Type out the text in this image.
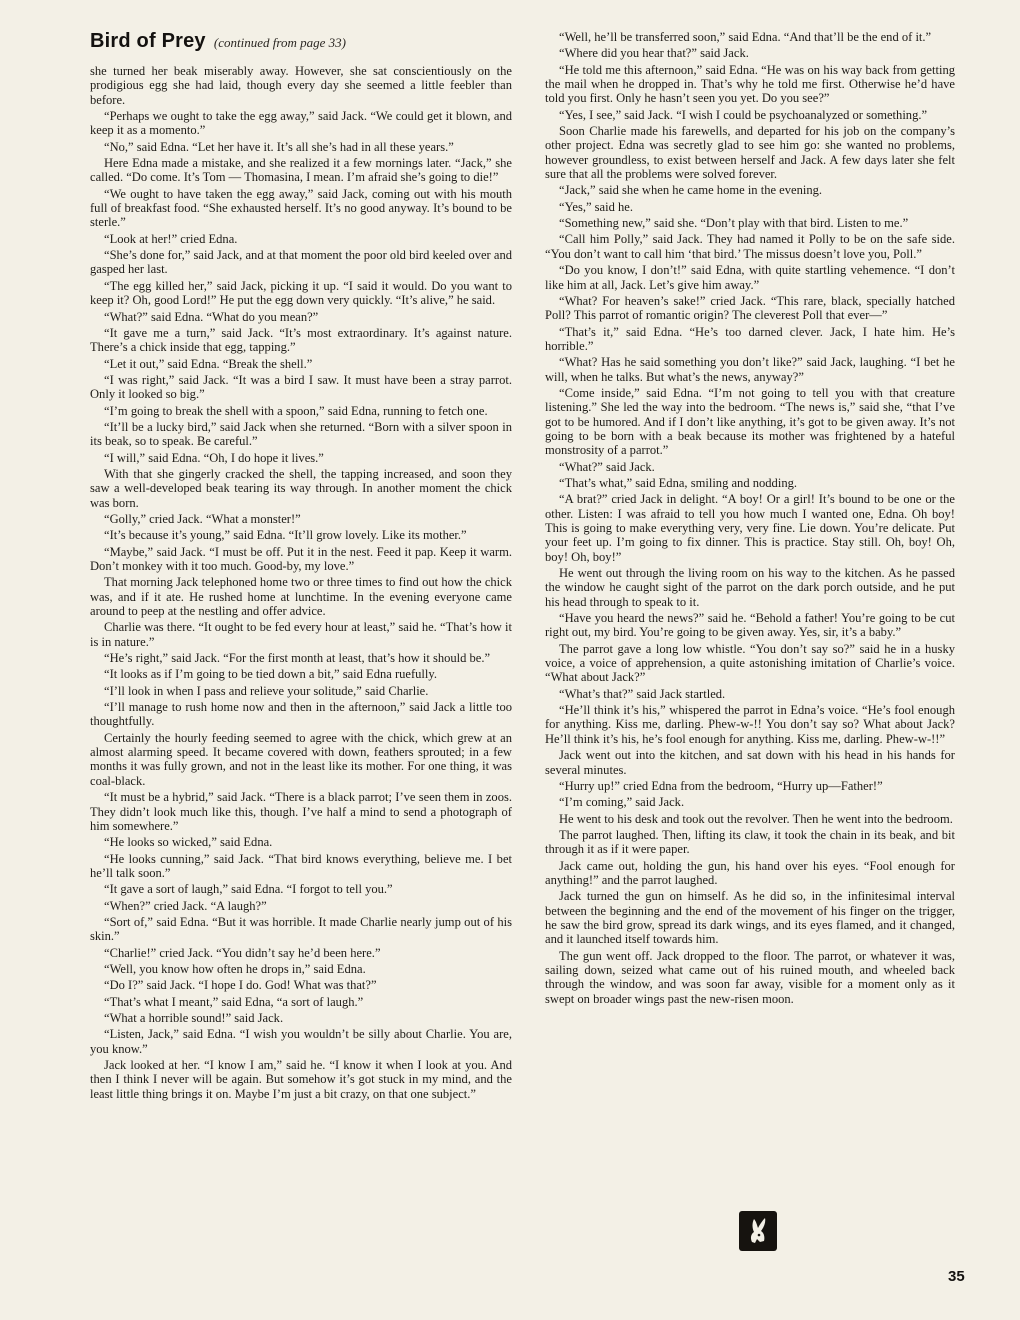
Bird of Prey (continued from page 33)

she turned her beak miserably away. However, she sat conscientiously on the prodigious egg she had laid, though every day she seemed a little feebler than before.

“Perhaps we ought to take the egg away,” said Jack. “We could get it blown, and keep it as a momento.”

“No,” said Edna. “Let her have it. It’s all she’s had in all these years.”

Here Edna made a mistake, and she realized it a few mornings later. “Jack,” she called. “Do come. It’s Tom — Thomasina, I mean. I’m afraid she’s going to die!”

“We ought to have taken the egg away,” said Jack, coming out with his mouth full of breakfast food. “She exhausted herself. It’s no good anyway. It’s bound to be sterle.”

“Look at her!” cried Edna.

“She’s done for,” said Jack, and at that moment the poor old bird keeled over and gasped her last.

“The egg killed her,” said Jack, picking it up. “I said it would. Do you want to keep it? Oh, good Lord!” He put the egg down very quickly. “It’s alive,” he said.

“What?” said Edna. “What do you mean?”

“It gave me a turn,” said Jack. “It’s most extraordinary. It’s against nature. There’s a chick inside that egg, tapping.”

“Let it out,” said Edna. “Break the shell.”

“I was right,” said Jack. “It was a bird I saw. It must have been a stray parrot. Only it looked so big.”

“I’m going to break the shell with a spoon,” said Edna, running to fetch one.

“It’ll be a lucky bird,” said Jack when she returned. “Born with a silver spoon in its beak, so to speak. Be careful.”

“I will,” said Edna. “Oh, I do hope it lives.”

With that she gingerly cracked the shell, the tapping increased, and soon they saw a well-developed beak tearing its way through. In another moment the chick was born.

“Golly,” cried Jack. “What a monster!”

“It’s because it’s young,” said Edna. “It’ll grow lovely. Like its mother.”

“Maybe,” said Jack. “I must be off. Put it in the nest. Feed it pap. Keep it warm. Don’t monkey with it too much. Good-by, my love.”

That morning Jack telephoned home two or three times to find out how the chick was, and if it ate. He rushed home at lunchtime. In the evening everyone came around to peep at the nestling and offer advice.

Charlie was there. “It ought to be fed every hour at least,” said he. “That’s how it is in nature.”

“He’s right,” said Jack. “For the first month at least, that’s how it should be.”

“It looks as if I’m going to be tied down a bit,” said Edna ruefully.

“I’ll look in when I pass and relieve your solitude,” said Charlie.

“I’ll manage to rush home now and then in the afternoon,” said Jack a little too thoughtfully.

Certainly the hourly feeding seemed to agree with the chick, which grew at an almost alarming speed. It became covered with down, feathers sprouted; in a few months it was fully grown, and not in the least like its mother. For one thing, it was coal-black.

“It must be a hybrid,” said Jack. “There is a black parrot; I’ve seen them in zoos. They didn’t look much like this, though. I’ve half a mind to send a photograph of him somewhere.”

“He looks so wicked,” said Edna.

“He looks cunning,” said Jack. “That bird knows everything, believe me. I bet he’ll talk soon.”

“It gave a sort of laugh,” said Edna. “I forgot to tell you.”

“When?” cried Jack. “A laugh?”

“Sort of,” said Edna. “But it was horrible. It made Charlie nearly jump out of his skin.”

“Charlie!” cried Jack. “You didn’t say he’d been here.”

“Well, you know how often he drops in,” said Edna.

“Do I?” said Jack. “I hope I do. God! What was that?”

“That’s what I meant,” said Edna, “a sort of laugh.”

“What a horrible sound!” said Jack.

“Listen, Jack,” said Edna. “I wish you wouldn’t be silly about Charlie. You are, you know.”

Jack looked at her. “I know I am,” said he. “I know it when I look at you. And then I think I never will be again. But somehow it’s got stuck in my mind, and the least little thing brings it on. Maybe I’m just a bit crazy, on that one subject.”

“Well, he’ll be transferred soon,” said Edna. “And that’ll be the end of it.”

“Where did you hear that?” said Jack.

“He told me this afternoon,” said Edna. “He was on his way back from getting the mail when he dropped in. That’s why he told me first. Otherwise he’d have told you first. Only he hasn’t seen you yet. Do you see?”

“Yes, I see,” said Jack. “I wish I could be psychoanalyzed or something.”

Soon Charlie made his farewells, and departed for his job on the company’s other project. Edna was secretly glad to see him go: she wanted no problems, however groundless, to exist between herself and Jack. A few days later she felt sure that all the problems were solved forever.

“Jack,” said she when he came home in the evening.

“Yes,” said he.

“Something new,” said she. “Don’t play with that bird. Listen to me.”

“Call him Polly,” said Jack. They had named it Polly to be on the safe side. “You don’t want to call him ‘that bird.’ The missus doesn’t love you, Poll.”

“Do you know, I don’t!” said Edna, with quite startling vehemence. “I don’t like him at all, Jack. Let’s give him away.”

“What? For heaven’s sake!” cried Jack. “This rare, black, specially hatched Poll? This parrot of romantic origin? The cleverest Poll that ever—”

“That’s it,” said Edna. “He’s too darned clever. Jack, I hate him. He’s horrible.”

“What? Has he said something you don’t like?” said Jack, laughing. “I bet he will, when he talks. But what’s the news, anyway?”

“Come inside,” said Edna. “I’m not going to tell you with that creature listening.” She led the way into the bedroom. “The news is,” said she, “that I’ve got to be humored. And if I don’t like anything, it’s got to be given away. It’s not going to be born with a beak because its mother was frightened by a hateful monstrosity of a parrot.”

“What?” said Jack.

“That’s what,” said Edna, smiling and nodding.

“A brat?” cried Jack in delight. “A boy! Or a girl! It’s bound to be one or the other. Listen: I was afraid to tell you how much I wanted one, Edna. Oh boy! This is going to make everything very, very fine. Lie down. You’re delicate. Put your feet up. I’m going to fix dinner. This is practice. Stay still. Oh, boy! Oh, boy! Oh, boy!”

He went out through the living room on his way to the kitchen. As he passed the window he caught sight of the parrot on the dark porch outside, and he put his head through to speak to it.

“Have you heard the news?” said he. “Behold a father! You’re going to be cut right out, my bird. You’re going to be given away. Yes, sir, it’s a baby.”

The parrot gave a long low whistle. “You don’t say so?” said he in a husky voice, a voice of apprehension, a quite astonishing imitation of Charlie’s voice. “What about Jack?”

“What’s that?” said Jack startled.

“He’ll think it’s his,” whispered the parrot in Edna’s voice. “He’s fool enough for anything. Kiss me, darling. Phew-w-!! You don’t say so? What about Jack? He’ll think it’s his, he’s fool enough for anything. Kiss me, darling. Phew-w-!!”

Jack went out into the kitchen, and sat down with his head in his hands for several minutes.

“Hurry up!” cried Edna from the bedroom, “Hurry up—Father!”

“I’m coming,” said Jack.

He went to his desk and took out the revolver. Then he went into the bedroom.

The parrot laughed. Then, lifting its claw, it took the chain in its beak, and bit through it as if it were paper.

Jack came out, holding the gun, his hand over his eyes. “Fool enough for anything!” and the parrot laughed.

Jack turned the gun on himself. As he did so, in the infinitesimal interval between the beginning and the end of the movement of his finger on the trigger, he saw the bird grow, spread its dark wings, and its eyes flamed, and it changed, and it launched itself towards him.

The gun went off. Jack dropped to the floor. The parrot, or whatever it was, sailing down, seized what came out of his ruined mouth, and wheeled back through the window, and was soon far away, visible for a moment only as it swept on broader wings past the new-risen moon.

35
